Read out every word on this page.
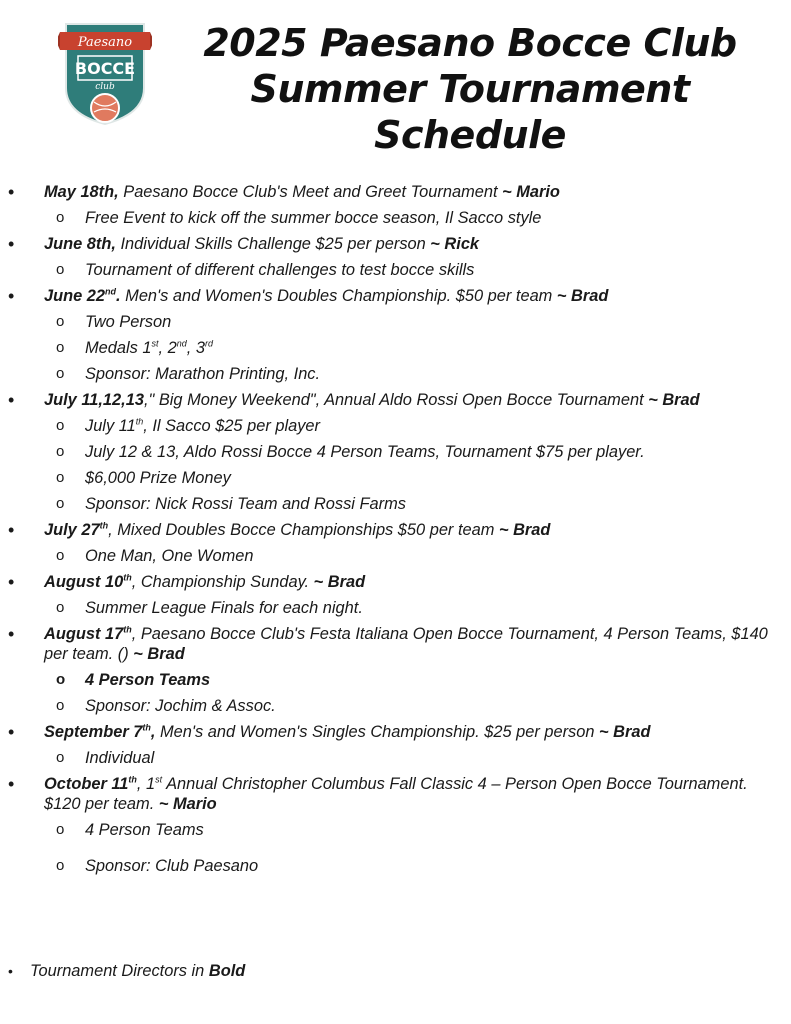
Paesano
BOCCE
club
2025 Paesano Bocce Club
Summer Tournament
Schedule
• May 18th, Paesano Bocce Club's Meet and Greet Tournament ~ Mario
o Free Event to kick off the summer bocce season, Il Sacco style
• June 8th, Individual Skills Challenge $25 per person ~ Rick
o Tournament of different challenges to test bocce skills
• June 22nd. Men's and Women's Doubles Championship. $50 per team ~ Brad
o Two Person
o Medals 1st, 2nd, 3rd
o Sponsor: Marathon Printing, Inc.
• July 11,12,13," Big Money Weekend", Annual Aldo Rossi Open Bocce Tournament ~ Brad
o July 11th, Il Sacco $25 per player
o July 12 & 13, Aldo Rossi Bocce 4 Person Teams, Tournament $75 per player.
o $6,000 Prize Money
o Sponsor: Nick Rossi Team and Rossi Farms
• July 27th, Mixed Doubles Bocce Championships $50 per team ~ Brad
o One Man, One Women
• August 10th, Championship Sunday. ~ Brad
o Summer League Finals for each night.
• August 17th, Paesano Bocce Club's Festa Italiana Open Bocce Tournament, 4 Person Teams, $140 per team. () ~ Brad
o 4 Person Teams
o Sponsor: Jochim & Assoc.
• September 7th, Men's and Women's Singles Championship. $25 per person ~ Brad
o Individual
• October 11th, 1st Annual Christopher Columbus Fall Classic 4 – Person Open Bocce Tournament. $120 per team. ~ Mario
o 4 Person Teams
o Sponsor: Club Paesano
• Tournament Directors in Bold
